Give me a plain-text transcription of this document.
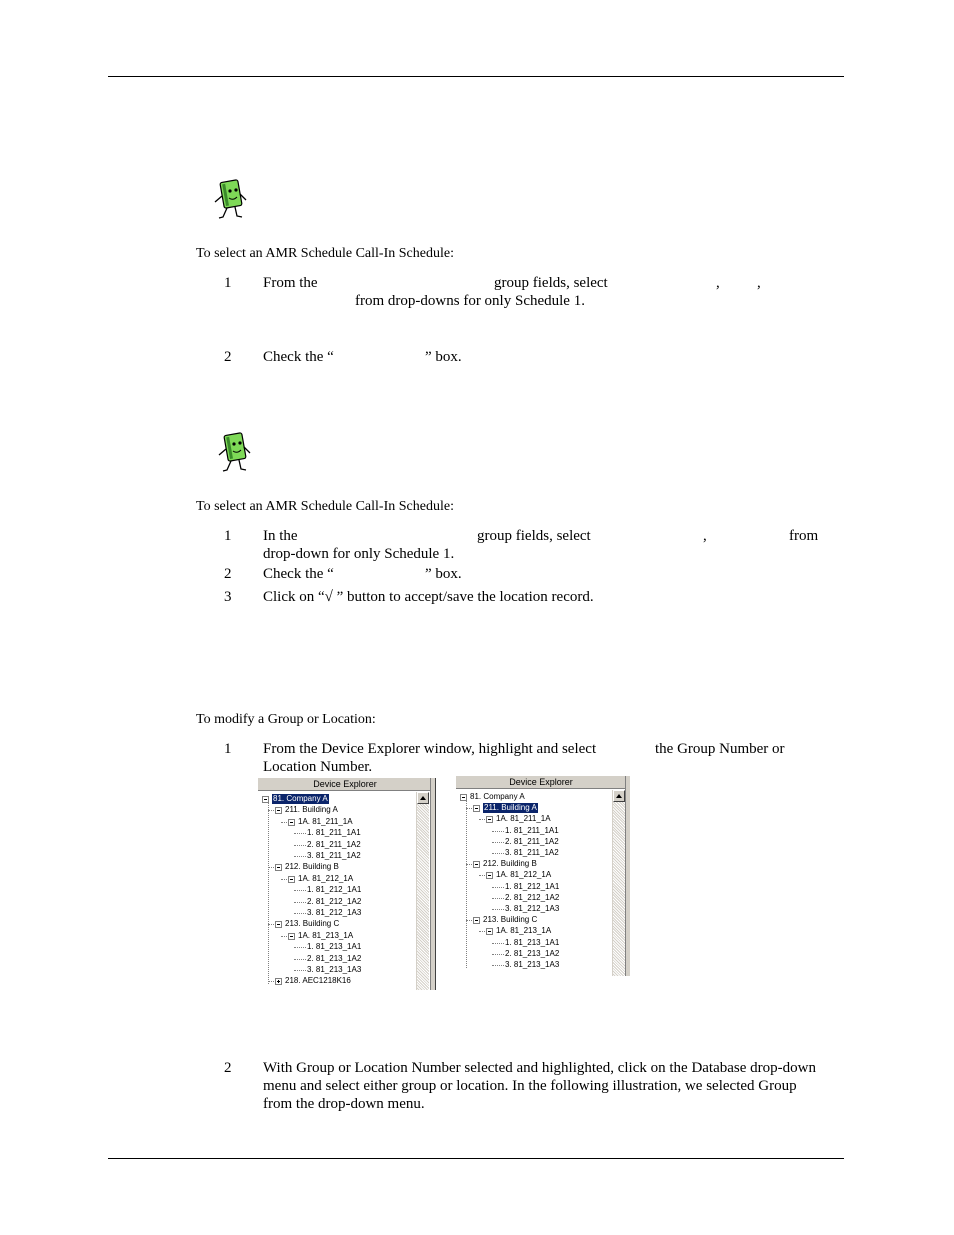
To select an AMR Schedule Call-In Schedule:
1 From the	group fields, select	, ,
from drop-downs for only Schedule 1.
2 Check the “	” box.
To select an AMR Schedule Call-In Schedule:
1 In the	group fields, select	,	from
drop-down for only Schedule 1.
2 Check the “	” box.
3 Click on “√ ” button to accept/save the location record.
To modify a Group or Location:
1 From the Device Explorer window, highlight and select	the Group Number or
Location Number.
Device Explorer
81. Company A
211. Building A
1A. 81_211_1A
1. 81_211_1A1
2. 81_211_1A2
3. 81_211_1A2
212. Building B
1A. 81_212_1A
1. 81_212_1A1
2. 81_212_1A2
3. 81_212_1A3
213. Building C
1A. 81_213_1A
1. 81_213_1A1
2. 81_213_1A2
3. 81_213_1A3
218. AEC1218K16
Device Explorer
81. Company A
211. Building A
1A. 81_211_1A
1. 81_211_1A1
2. 81_211_1A2
3. 81_211_1A2
212. Building B
1A. 81_212_1A
1. 81_212_1A1
2. 81_212_1A2
3. 81_212_1A3
213. Building C
1A. 81_213_1A
1. 81_213_1A1
2. 81_213_1A2
3. 81_213_1A3
2 With Group or Location Number selected and highlighted, click on the Database drop-down
menu and select either group or location. In the following illustration, we selected Group
from the drop-down menu.
